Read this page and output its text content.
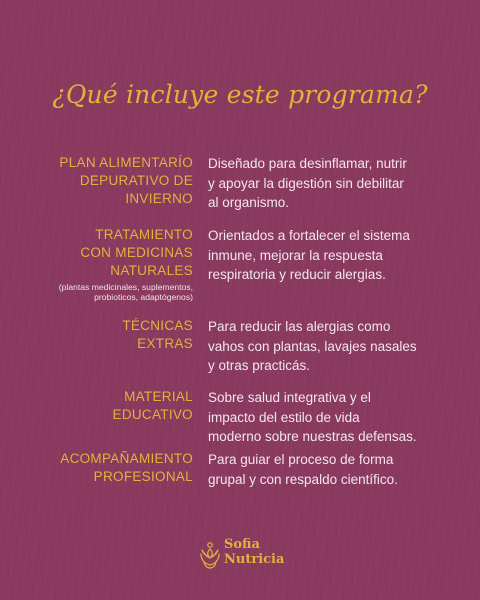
¿Qué incluye este programa?
PLAN ALIMENTARÍO
DEPURATIVO DE
INVIERNO
Diseñado para desinflamar, nutrir
y apoyar la digestión sin debilitar
al organismo.
TRATAMIENTO
CON MEDICINAS
NATURALES
(plantas medicinales, suplementos,
probioticos, adaptógenos)
Orientados a fortalecer el sistema
inmune, mejorar la respuesta
respiratoria y reducir alergias.
TÉCNICAS
EXTRAS
Para reducir las alergias como
vahos con plantas, lavajes nasales
y otras practicás.
MATERIAL
EDUCATIVO
Sobre salud integrativa y el
impacto del estilo de vida
moderno sobre nuestras defensas.
ACOMPAÑAMIENTO
PROFESIONAL
Para guiar el proceso de forma
grupal y con respaldo científico.
Sofia
Nutricia
